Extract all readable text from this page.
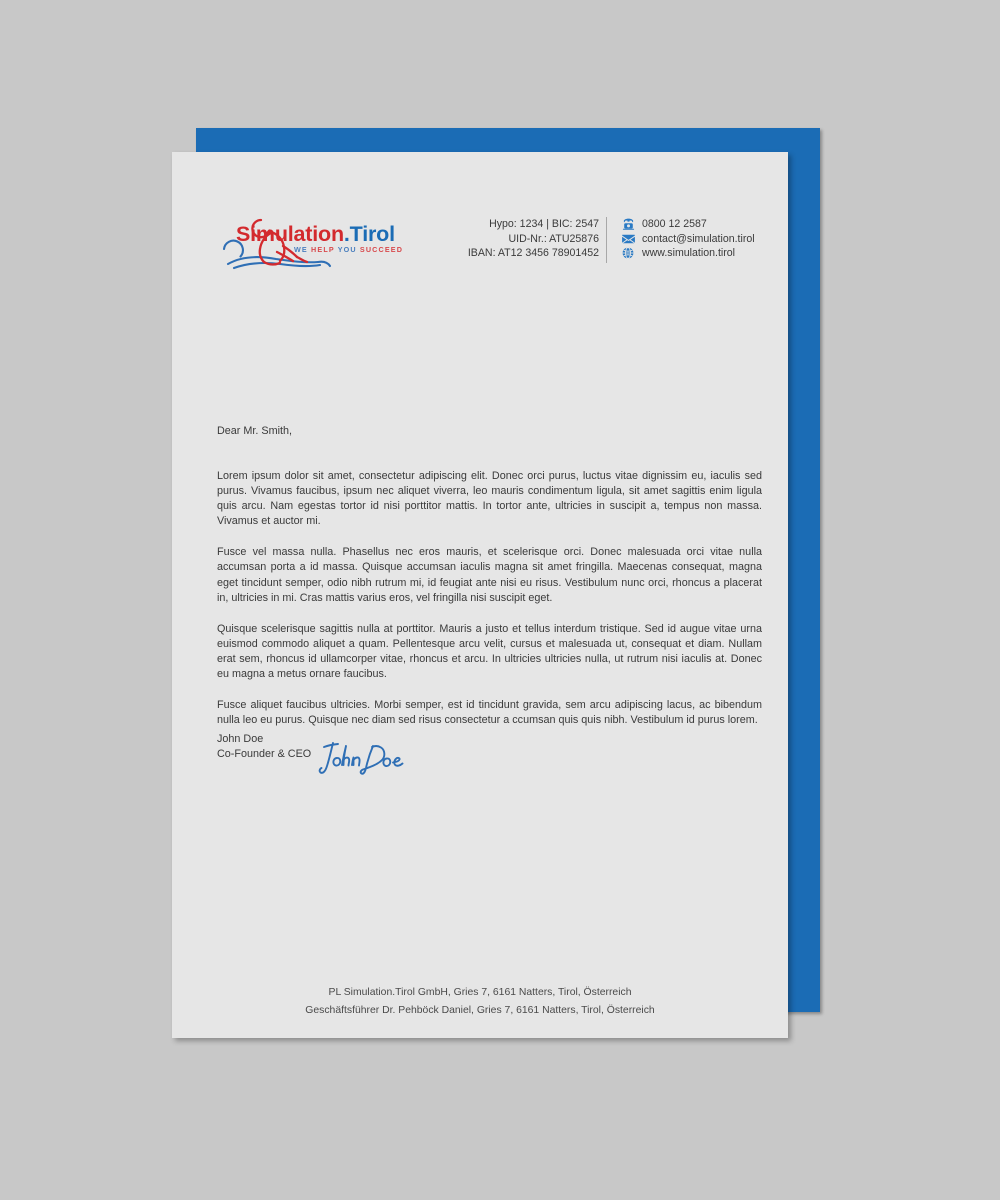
Simulation.Tirol
WE HELP YOU SUCCEED
Hypo: 1234 | BIC: 2547
UID-Nr.: ATU25876
IBAN: AT12 3456 78901452
0800 12 2587
contact@simulation.tirol
www.simulation.tirol

Dear Mr. Smith,

Lorem ipsum dolor sit amet, consectetur adipiscing elit. Donec orci purus, luctus vitae dignissim eu, iaculis sed purus. Vivamus faucibus, ipsum nec aliquet viverra, leo mauris condimentum ligula, sit amet sagittis enim ligula quis arcu. Nam egestas tortor id nisi porttitor mattis. In tortor ante, ultricies in suscipit a, tempus non massa. Vivamus et auctor mi.

Fusce vel massa nulla. Phasellus nec eros mauris, et scelerisque orci. Donec malesuada orci vitae nulla accumsan porta a id massa. Quisque accumsan iaculis magna sit amet fringilla. Maecenas consequat, magna eget tincidunt semper, odio nibh rutrum mi, id feugiat ante nisi eu risus. Vestibulum nunc orci, rhoncus a placerat in, ultricies in mi. Cras mattis varius eros, vel fringilla nisi suscipit eget.

Quisque scelerisque sagittis nulla at porttitor. Mauris a justo et tellus interdum tristique. Sed id augue vitae urna euismod commodo aliquet a quam. Pellentesque arcu velit, cursus et malesuada ut, consequat et diam. Nullam erat sem, rhoncus id ullamcorper vitae, rhoncus et arcu. In ultricies ultricies nulla, ut rutrum nisi iaculis at. Donec eu magna a metus ornare faucibus.

Fusce aliquet faucibus ultricies. Morbi semper, est id tincidunt gravida, sem arcu adipiscing lacus, ac bibendum nulla leo eu purus. Quisque nec diam sed risus consectetur a ccumsan quis quis nibh. Vestibulum id purus lorem.

John Doe
Co-Founder & CEO
PL Simulation.Tirol GmbH, Gries 7, 6161 Natters, Tirol, Österreich
Geschäftsführer Dr. Pehböck Daniel, Gries 7, 6161 Natters, Tirol, Österreich
